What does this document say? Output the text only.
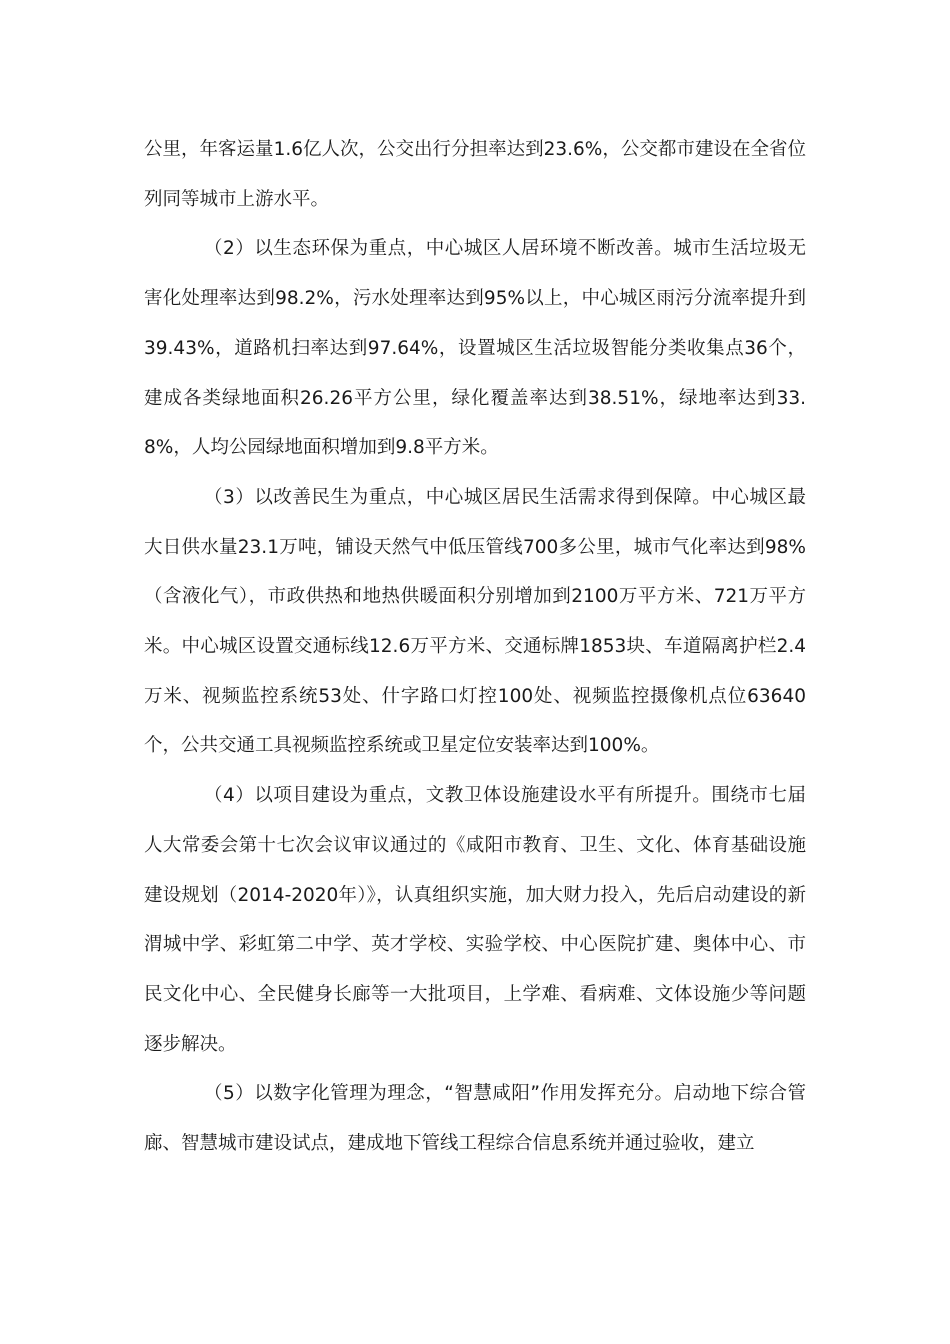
公里，年客运量1.6亿人次，公交出行分担率达到23.6%，公交都市建设在全省位列同等城市上游水平。

（2）以生态环保为重点，中心城区人居环境不断改善。城市生活垃圾无害化处理率达到98.2%，污水处理率达到95%以上，中心城区雨污分流率提升到39.43%，道路机扫率达到97.64%，设置城区生活垃圾智能分类收集点36个，建成各类绿地面积26.26平方公里，绿化覆盖率达到38.51%，绿地率达到33.8%，人均公园绿地面积增加到9.8平方米。

（3）以改善民生为重点，中心城区居民生活需求得到保障。中心城区最大日供水量23.1万吨，铺设天然气中低压管线700多公里，城市气化率达到98%（含液化气），市政供热和地热供暖面积分别增加到2100万平方米、721万平方米。中心城区设置交通标线12.6万平方米、交通标牌1853块、车道隔离护栏2.4万米、视频监控系统53处、什字路口灯控100处、视频监控摄像机点位63640个，公共交通工具视频监控系统或卫星定位安装率达到100%。

（4）以项目建设为重点，文教卫体设施建设水平有所提升。围绕市七届人大常委会第十七次会议审议通过的《咸阳市教育、卫生、文化、体育基础设施建设规划（2014-2020年）》，认真组织实施，加大财力投入，先后启动建设的新渭城中学、彩虹第二中学、英才学校、实验学校、中心医院扩建、奥体中心、市民文化中心、全民健身长廊等一大批项目，上学难、看病难、文体设施少等问题逐步解决。

（5）以数字化管理为理念，“智慧咸阳”作用发挥充分。启动地下综合管廊、智慧城市建设试点，建成地下管线工程综合信息系统并通过验收，建立
